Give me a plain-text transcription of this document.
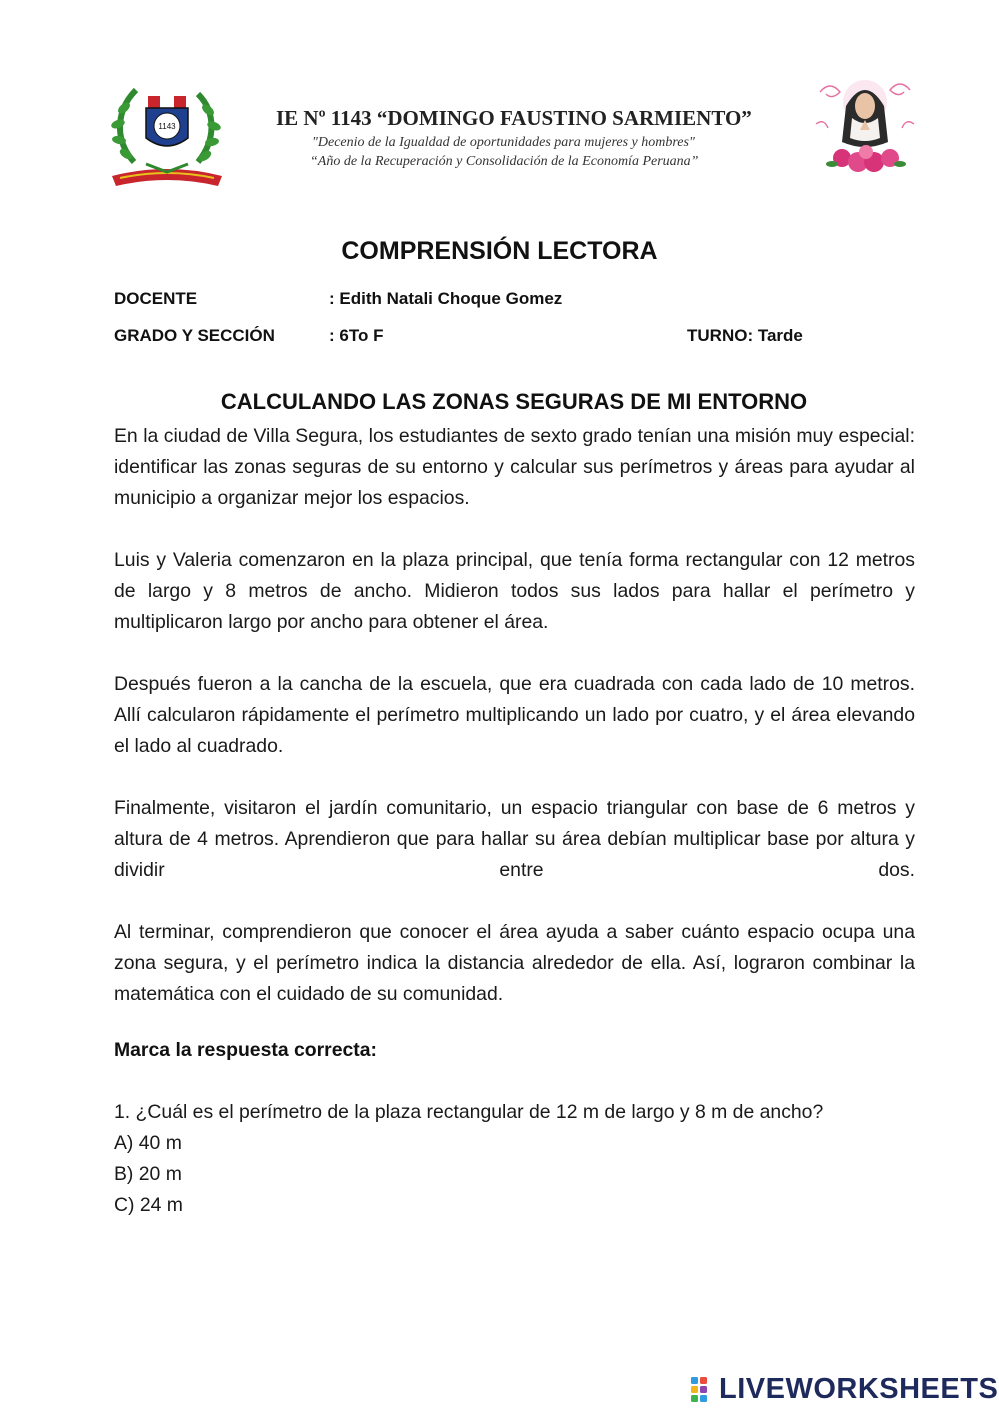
1143
VOTANTO
IE Nº 1143 “DOMINGO FAUSTINO SARMIENTO”
"Decenio de la Igualdad de oportunidades para mujeres y hombres"
“Año de la Recuperación y Consolidación de la Economía Peruana”
COMPRENSIÓN LECTORA
DOCENTE	: Edith Natali Choque Gomez
GRADO Y SECCIÓN	: 6To F	TURNO: Tarde
CALCULANDO LAS ZONAS SEGURAS DE MI ENTORNO
En la ciudad de Villa Segura, los estudiantes de sexto grado tenían una misión muy especial: identificar las zonas seguras de su entorno y calcular sus perímetros y áreas para ayudar al municipio a organizar mejor los espacios.
Luis y Valeria comenzaron en la plaza principal, que tenía forma rectangular con 12 metros de largo y 8 metros de ancho. Midieron todos sus lados para hallar el perímetro y multiplicaron largo por ancho para obtener el área.
Después fueron a la cancha de la escuela, que era cuadrada con cada lado de 10 metros. Allí calcularon rápidamente el perímetro multiplicando un lado por cuatro, y el área elevando el lado al cuadrado.
Finalmente, visitaron el jardín comunitario, un espacio triangular con base de 6 metros y altura de 4 metros. Aprendieron que para hallar su área debían multiplicar base por altura y dividir entre dos.
Al terminar, comprendieron que conocer el área ayuda a saber cuánto espacio ocupa una zona segura, y el perímetro indica la distancia alrededor de ella. Así, lograron combinar la matemática con el cuidado de su comunidad.
Marca la respuesta correcta:
1. ¿Cuál es el perímetro de la plaza rectangular de 12 m de largo y 8 m de ancho?
A) 40 m
B) 20 m
C) 24 m
LIVEWORKSHEETS
